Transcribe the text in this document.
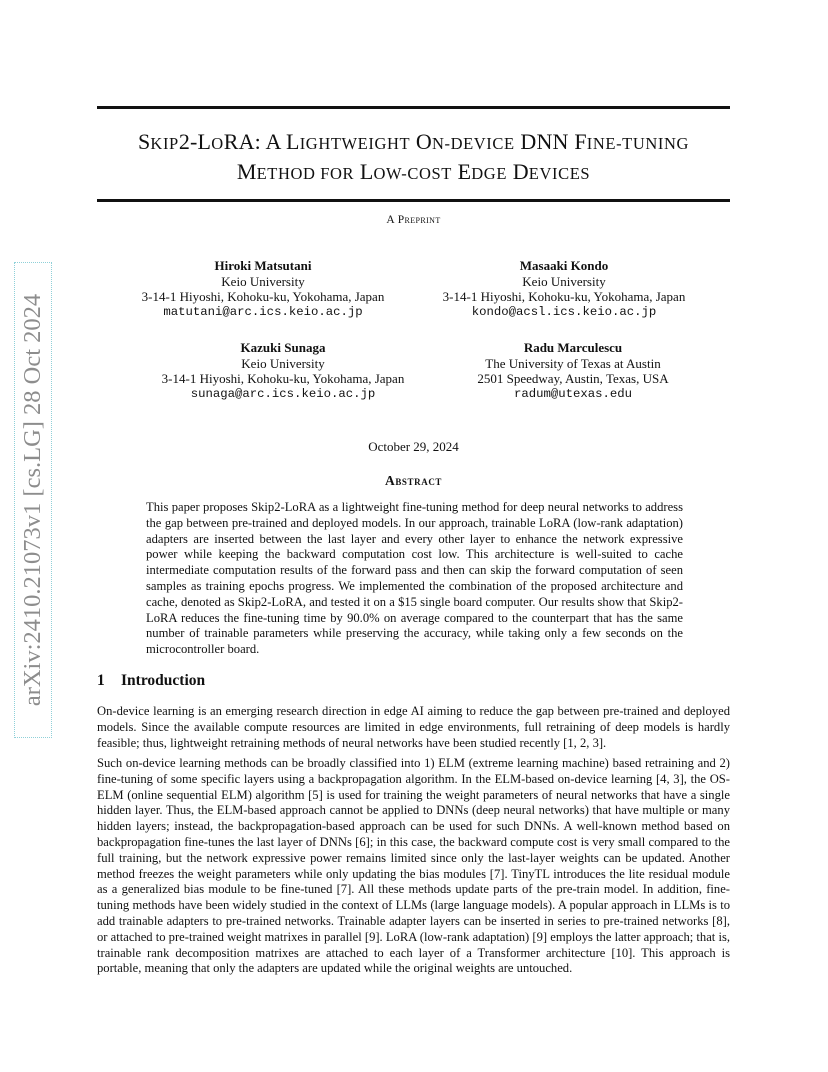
arXiv:2410.21073v1 [cs.LG] 28 Oct 2024
SKIP2-LORA: A LIGHTWEIGHT ON-DEVICE DNN FINE-TUNING
METHOD FOR LOW-COST EDGE DEVICES
A Preprint
Hiroki Matsutani
Keio University
3-14-1 Hiyoshi, Kohoku-ku, Yokohama, Japan
matutani@arc.ics.keio.ac.jp
Masaaki Kondo
Keio University
3-14-1 Hiyoshi, Kohoku-ku, Yokohama, Japan
kondo@acsl.ics.keio.ac.jp
Kazuki Sunaga
Keio University
3-14-1 Hiyoshi, Kohoku-ku, Yokohama, Japan
sunaga@arc.ics.keio.ac.jp
Radu Marculescu
The University of Texas at Austin
2501 Speedway, Austin, Texas, USA
radum@utexas.edu
October 29, 2024
Abstract
This paper proposes Skip2-LoRA as a lightweight fine-tuning method for deep neural networks to address the gap between pre-trained and deployed models. In our approach, trainable LoRA (low-rank adaptation) adapters are inserted between the last layer and every other layer to enhance the network expressive power while keeping the backward computation cost low. This architecture is well-suited to cache intermediate computation results of the forward pass and then can skip the forward computation of seen samples as training epochs progress. We implemented the combination of the proposed architecture and cache, denoted as Skip2-LoRA, and tested it on a $15 single board computer. Our results show that Skip2-LoRA reduces the fine-tuning time by 90.0% on average compared to the counterpart that has the same number of trainable parameters while preserving the accuracy, while taking only a few seconds on the microcontroller board.
1 Introduction
On-device learning is an emerging research direction in edge AI aiming to reduce the gap between pre-trained and deployed models. Since the available compute resources are limited in edge environments, full retraining of deep models is hardly feasible; thus, lightweight retraining methods of neural networks have been studied recently [1, 2, 3].
Such on-device learning methods can be broadly classified into 1) ELM (extreme learning machine) based retraining and 2) fine-tuning of some specific layers using a backpropagation algorithm. In the ELM-based on-device learning [4, 3], the OS-ELM (online sequential ELM) algorithm [5] is used for training the weight parameters of neural networks that have a single hidden layer. Thus, the ELM-based approach cannot be applied to DNNs (deep neural networks) that have multiple or many hidden layers; instead, the backpropagation-based approach can be used for such DNNs. A well-known method based on backpropagation fine-tunes the last layer of DNNs [6]; in this case, the backward compute cost is very small compared to the full training, but the network expressive power remains limited since only the last-layer weights can be updated. Another method freezes the weight parameters while only updating the bias modules [7]. TinyTL introduces the lite residual module as a generalized bias module to be fine-tuned [7]. All these methods update parts of the pre-train model. In addition, fine-tuning methods have been widely studied in the context of LLMs (large language models). A popular approach in LLMs is to add trainable adapters to pre-trained networks. Trainable adapter layers can be inserted in series to pre-trained networks [8], or attached to pre-trained weight matrixes in parallel [9]. LoRA (low-rank adaptation) [9] employs the latter approach; that is, trainable rank decomposition matrixes are attached to each layer of a Transformer architecture [10]. This approach is portable, meaning that only the adapters are updated while the original weights are untouched.
